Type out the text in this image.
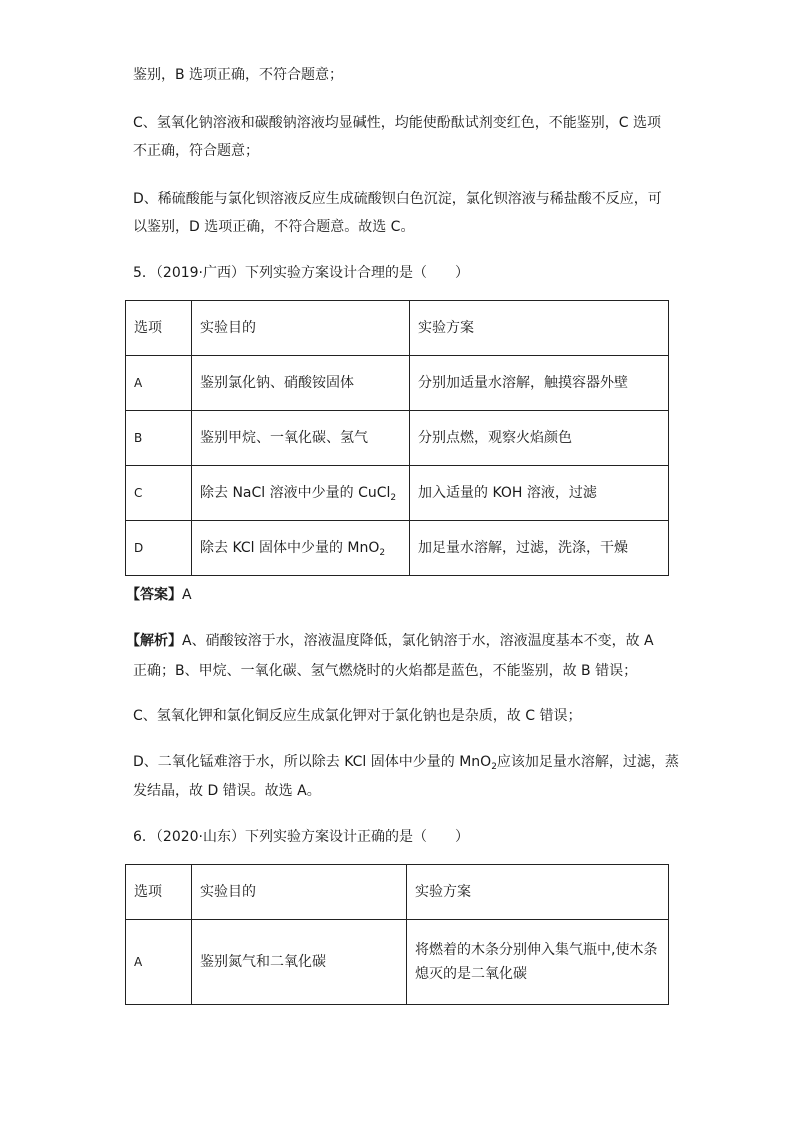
鉴别，B 选项正确，不符合题意；

C、氢氧化钠溶液和碳酸钠溶液均显碱性，均能使酚酞试剂变红色，不能鉴别，C 选项

不正确，符合题意；

D、稀硫酸能与氯化钡溶液反应生成硫酸钡白色沉淀，氯化钡溶液与稀盐酸不反应，可

以鉴别，D 选项正确，不符合题意。故选 C。

5．（2019·广西）下列实验方案设计合理的是（　　）

选项	实验目的	实验方案
A	鉴别氯化钠、硝酸铵固体	分别加适量水溶解，触摸容器外壁
B	鉴别甲烷、一氧化碳、氢气	分别点燃，观察火焰颜色
C	除去 NaCl 溶液中少量的 CuCl$_2$	加入适量的 KOH 溶液，过滤
D	除去 KCl 固体中少量的 MnO$_2$	加足量水溶解，过滤，洗涤，干燥

【答案】A

【解析】A、硝酸铵溶于水，溶液温度降低，氯化钠溶于水，溶液温度基本不变，故 A

正确；B、甲烷、一氧化碳、氢气燃烧时的火焰都是蓝色，不能鉴别，故 B 错误；

C、氢氧化钾和氯化铜反应生成氯化钾对于氯化钠也是杂质，故 C 错误；

D、二氧化锰难溶于水，所以除去 KCl 固体中少量的 MnO$_2$应该加足量水溶解，过滤，蒸

发结晶，故 D 错误。故选 A。

6．（2020·山东）下列实验方案设计正确的是（　　）

选项	实验目的	实验方案
A	鉴别氮气和二氧化碳	将燃着的木条分别伸入集气瓶中,使木条
熄灭的是二氧化碳
